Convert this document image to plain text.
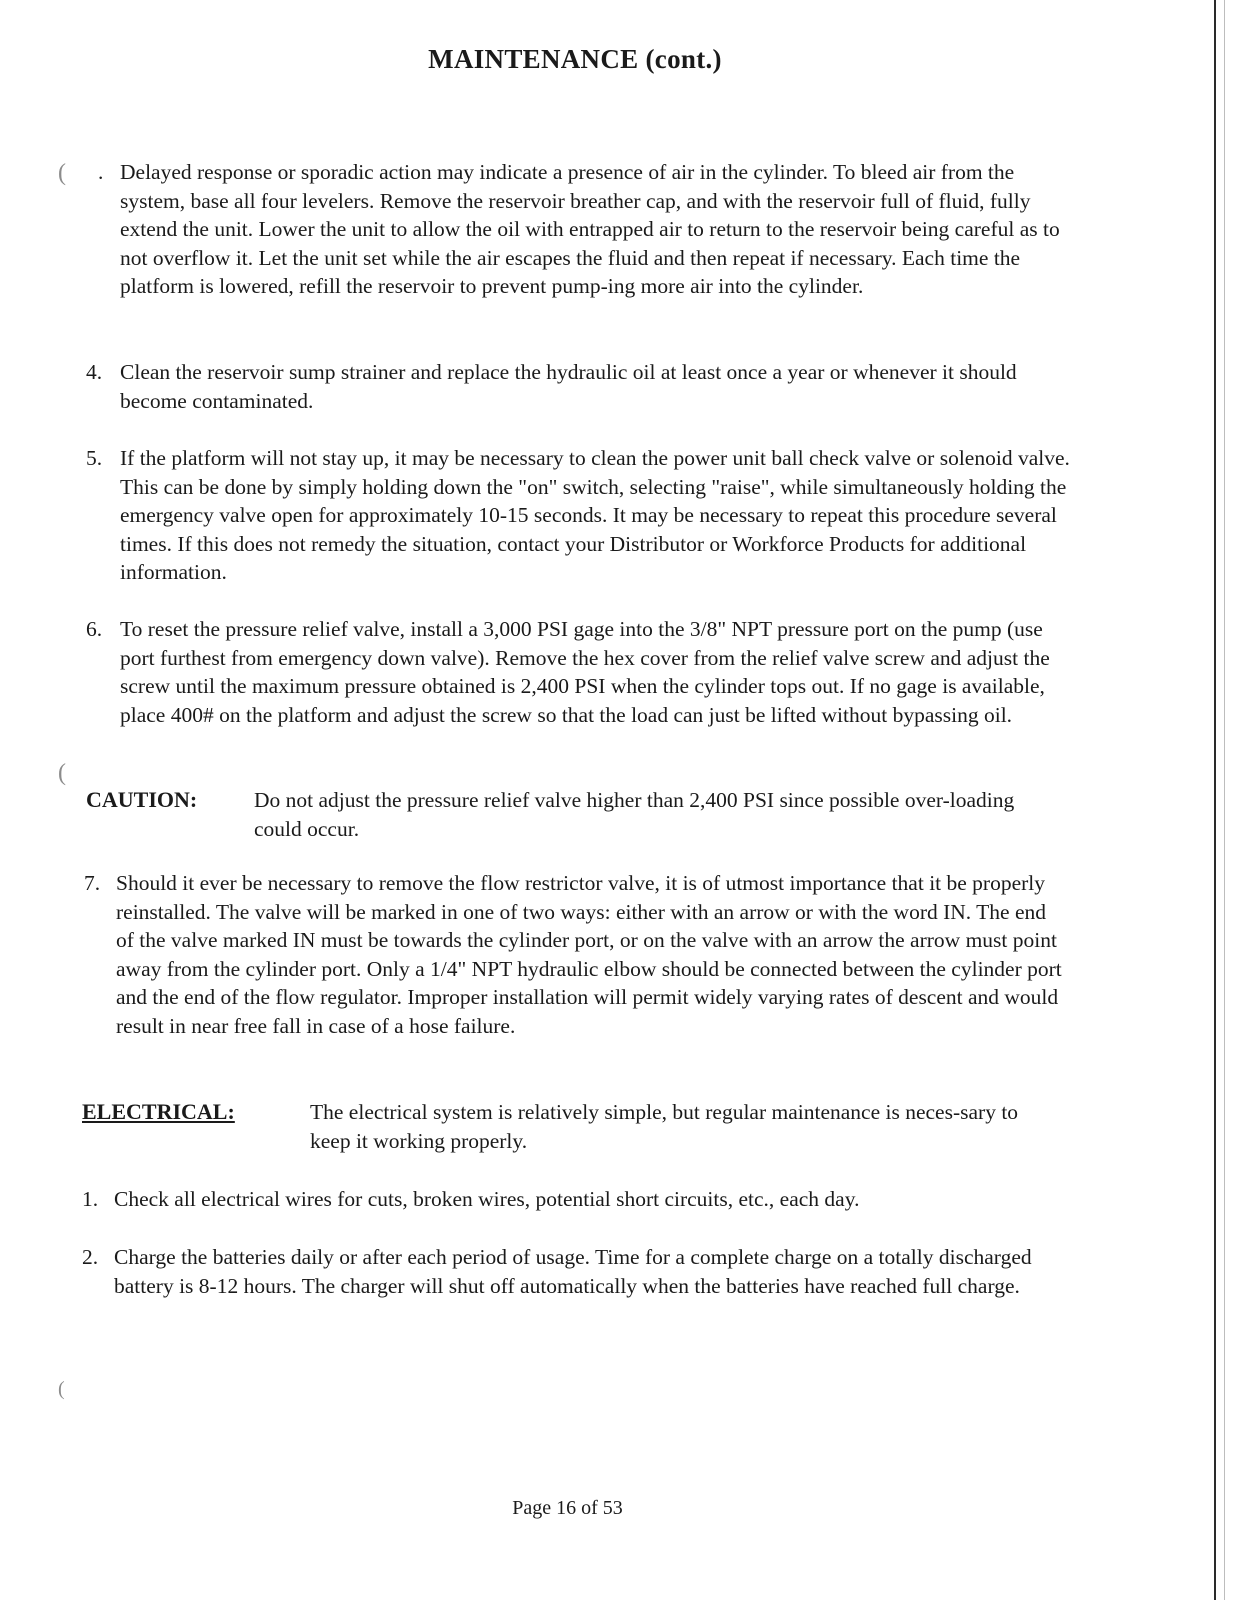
MAINTENANCE (cont.)
(
(
(
. Delayed response or sporadic action may indicate a presence of air in the cylinder. To bleed air from the system, base all four levelers. Remove the reservoir breather cap, and with the reservoir full of fluid, fully extend the unit. Lower the unit to allow the oil with entrapped air to return to the reservoir being careful as to not overflow it. Let the unit set while the air escapes the fluid and then repeat if necessary. Each time the platform is lowered, refill the reservoir to prevent pump-ing more air into the cylinder.
4. Clean the reservoir sump strainer and replace the hydraulic oil at least once a year or whenever it should become contaminated.
5. If the platform will not stay up, it may be necessary to clean the power unit ball check valve or solenoid valve. This can be done by simply holding down the "on" switch, selecting "raise", while simultaneously holding the emergency valve open for approximately 10-15 seconds. It may be necessary to repeat this procedure several times. If this does not remedy the situation, contact your Distributor or Workforce Products for additional information.
6. To reset the pressure relief valve, install a 3,000 PSI gage into the 3/8" NPT pressure port on the pump (use port furthest from emergency down valve). Remove the hex cover from the relief valve screw and adjust the screw until the maximum pressure obtained is 2,400 PSI when the cylinder tops out. If no gage is available, place 400# on the platform and adjust the screw so that the load can just be lifted without bypassing oil.
CAUTION:	Do not adjust the pressure relief valve higher than 2,400 PSI since possible over-loading could occur.
7. Should it ever be necessary to remove the flow restrictor valve, it is of utmost importance that it be properly reinstalled. The valve will be marked in one of two ways: either with an arrow or with the word IN. The end of the valve marked IN must be towards the cylinder port, or on the valve with an arrow the arrow must point away from the cylinder port. Only a 1/4" NPT hydraulic elbow should be connected between the cylinder port and the end of the flow regulator. Improper installation will permit widely varying rates of descent and would result in near free fall in case of a hose failure.
ELECTRICAL:	The electrical system is relatively simple, but regular maintenance is neces-sary to keep it working properly.
1. Check all electrical wires for cuts, broken wires, potential short circuits, etc., each day.
2. Charge the batteries daily or after each period of usage. Time for a complete charge on a totally discharged battery is 8-12 hours. The charger will shut off automatically when the batteries have reached full charge.
Page 16 of 53
